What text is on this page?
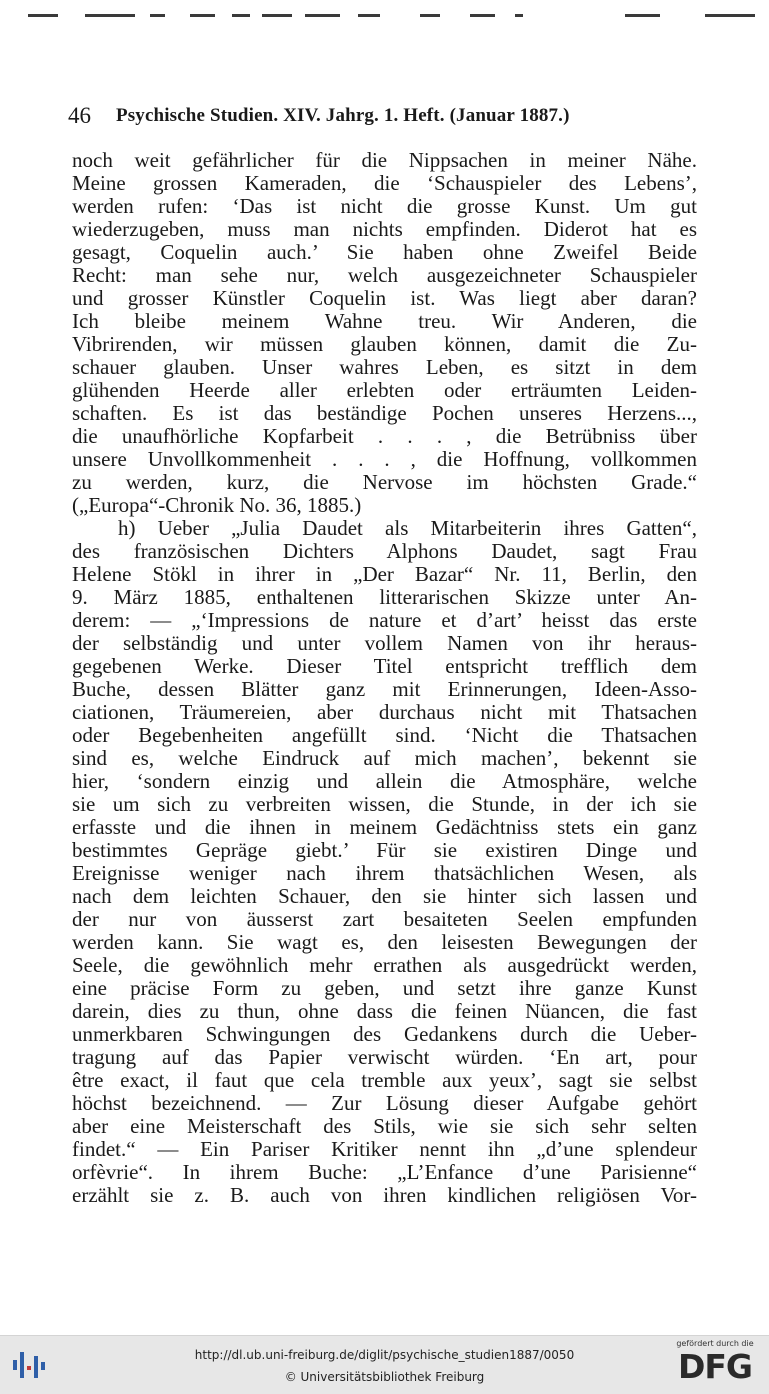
46 Psychische Studien. XIV. Jahrg. 1. Heft. (Januar 1887.)
noch weit gefährlicher für die Nippsachen in meiner Nähe.
Meine grossen Kameraden, die ‘Schauspieler des Lebens’,
werden rufen: ‘Das ist nicht die grosse Kunst. Um gut
wiederzugeben, muss man nichts empfinden. Diderot hat es
gesagt, Coquelin auch.’ Sie haben ohne Zweifel Beide
Recht: man sehe nur, welch ausgezeichneter Schauspieler
und grosser Künstler Coquelin ist. Was liegt aber daran?
Ich bleibe meinem Wahne treu. Wir Anderen, die
Vibrirenden, wir müssen glauben können, damit die Zu-
schauer glauben. Unser wahres Leben, es sitzt in dem
glühenden Heerde aller erlebten oder erträumten Leiden-
schaften. Es ist das beständige Pochen unseres Herzens...,
die unaufhörliche Kopfarbeit . . . , die Betrübniss über
unsere Unvollkommenheit . . . , die Hoffnung, vollkommen
zu werden, kurz, die Nervose im höchsten Grade.“
(„Europa“-Chronik No. 36, 1885.)
h) Ueber „Julia Daudet als Mitarbeiterin ihres Gatten“,
des französischen Dichters Alphons Daudet, sagt Frau
Helene Stökl in ihrer in „Der Bazar“ Nr. 11, Berlin, den
9. März 1885, enthaltenen litterarischen Skizze unter An-
derem: — „‘Impressions de nature et d’art’ heisst das erste
der selbständig und unter vollem Namen von ihr heraus-
gegebenen Werke. Dieser Titel entspricht trefflich dem
Buche, dessen Blätter ganz mit Erinnerungen, Ideen-Asso-
ciationen, Träumereien, aber durchaus nicht mit Thatsachen
oder Begebenheiten angefüllt sind. ‘Nicht die Thatsachen
sind es, welche Eindruck auf mich machen’, bekennt sie
hier, ‘sondern einzig und allein die Atmosphäre, welche
sie um sich zu verbreiten wissen, die Stunde, in der ich sie
erfasste und die ihnen in meinem Gedächtniss stets ein ganz
bestimmtes Gepräge giebt.’ Für sie existiren Dinge und
Ereignisse weniger nach ihrem thatsächlichen Wesen, als
nach dem leichten Schauer, den sie hinter sich lassen und
der nur von äusserst zart besaiteten Seelen empfunden
werden kann. Sie wagt es, den leisesten Bewegungen der
Seele, die gewöhnlich mehr errathen als ausgedrückt werden,
eine präcise Form zu geben, und setzt ihre ganze Kunst
darein, dies zu thun, ohne dass die feinen Nüancen, die fast
unmerkbaren Schwingungen des Gedankens durch die Ueber-
tragung auf das Papier verwischt würden. ‘En art, pour
être exact, il faut que cela tremble aux yeux’, sagt sie selbst
höchst bezeichnend. — Zur Lösung dieser Aufgabe gehört
aber eine Meisterschaft des Stils, wie sie sich sehr selten
findet.“ — Ein Pariser Kritiker nennt ihn „d’une splendeur
orfèvrie“. In ihrem Buche: „L’Enfance d’une Parisienne“
erzählt sie z. B. auch von ihren kindlichen religiösen Vor-
http://dl.ub.uni-freiburg.de/diglit/psychische_studien1887/0050
© Universitätsbibliothek Freiburg
gefördert durch die
DFG
